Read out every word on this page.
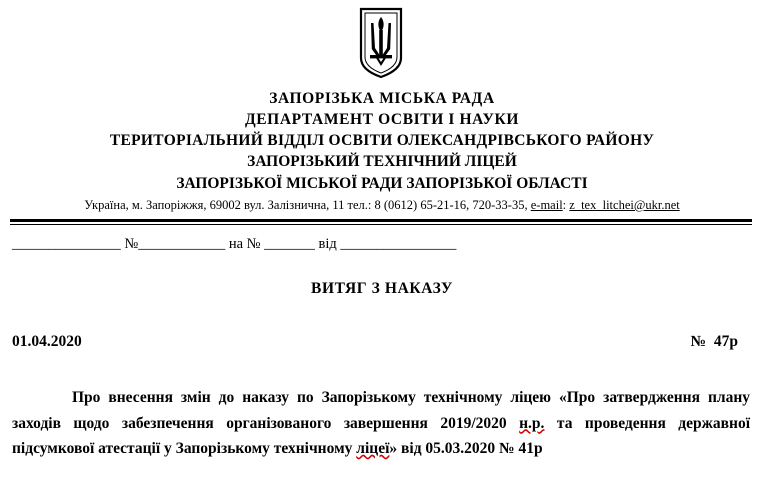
ЗАПОРІЗЬКА МІСЬКА РАДА
ДЕПАРТАМЕНТ ОСВІТИ І НАУКИ
ТЕРИТОРІАЛЬНИЙ ВІДДІЛ ОСВІТИ ОЛЕКСАНДРІВСЬКОГО РАЙОНУ
ЗАПОРІЗЬКИЙ ТЕХНІЧНИЙ ЛІЦЕЙ
ЗАПОРІЗЬКОЇ МІСЬКОЇ РАДИ ЗАПОРІЗЬКОЇ ОБЛАСТІ
Україна, м. Запоріжжя, 69002 вул. Залізнична, 11 тел.: 8 (0612) 65-21-16, 720-33-35, e-mail: z_tex_litchei@ukr.net
_______________ №____________ на № _______ від ________________
ВИТЯГ З НАКАЗУ
01.04.2020	№  47р
Про внесення змін до наказу по Запорізькому технічному ліцею «Про затвердження плану заходів щодо забезпечення організованого завершення 2019/2020 н.р. та проведення державної підсумкової атестації у Запорізькому технічному ліцеї» від 05.03.2020 № 41р
